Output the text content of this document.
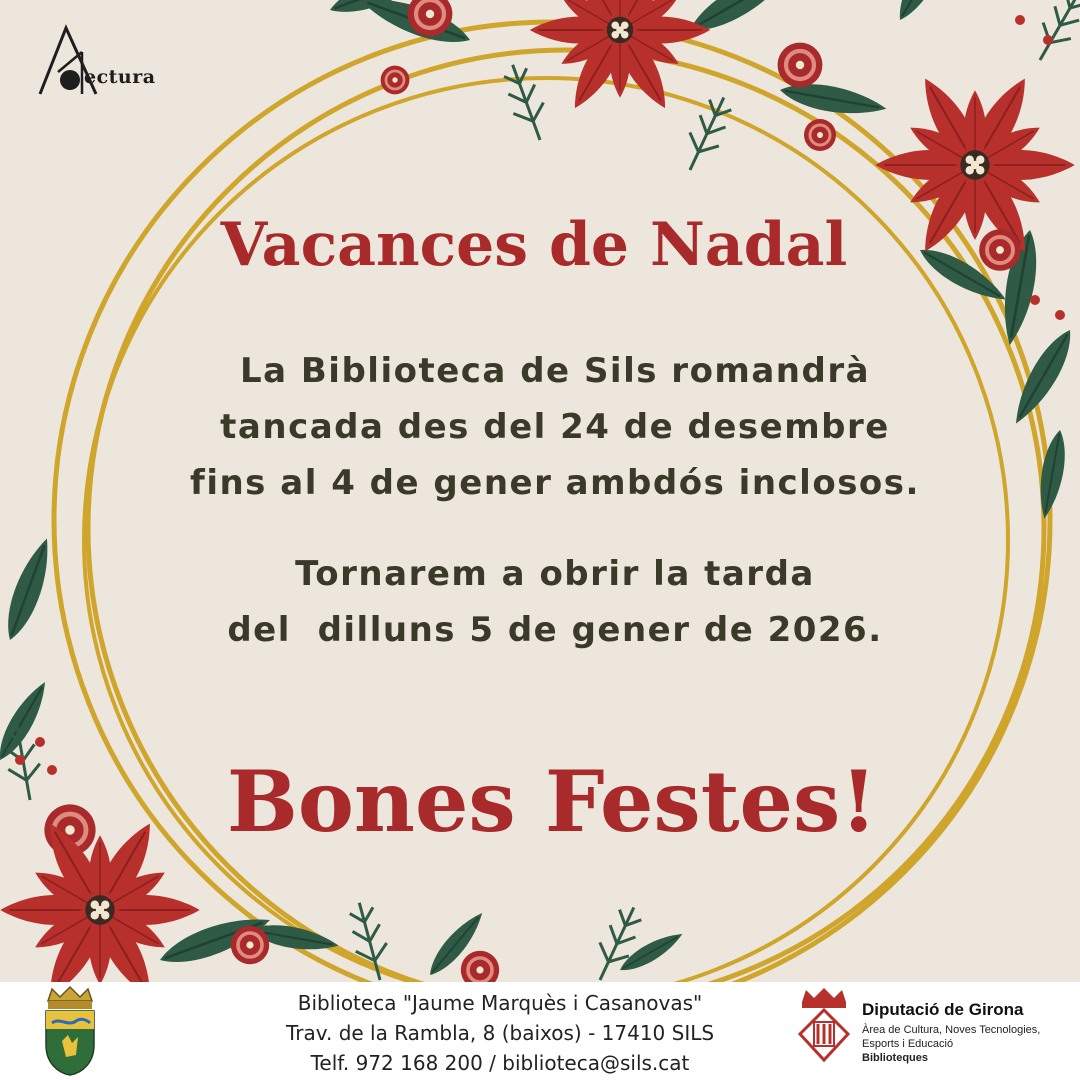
ectura
Vacances de Nadal
La Biblioteca de Sils romandrà
tancada des del 24 de desembre
fins al 4 de gener ambdós inclosos.
Tornarem a obrir la tarda
del  dilluns 5 de gener de 2026.
Bones Festes!
Biblioteca "Jaume Marquès i Casanovas"
Trav. de la Rambla, 8 (baixos) - 17410 SILS
Telf. 972 168 200 / biblioteca@sils.cat
Diputació de Girona
Àrea de Cultura, Noves Tecnologies,
Esports i Educació
Biblioteques
